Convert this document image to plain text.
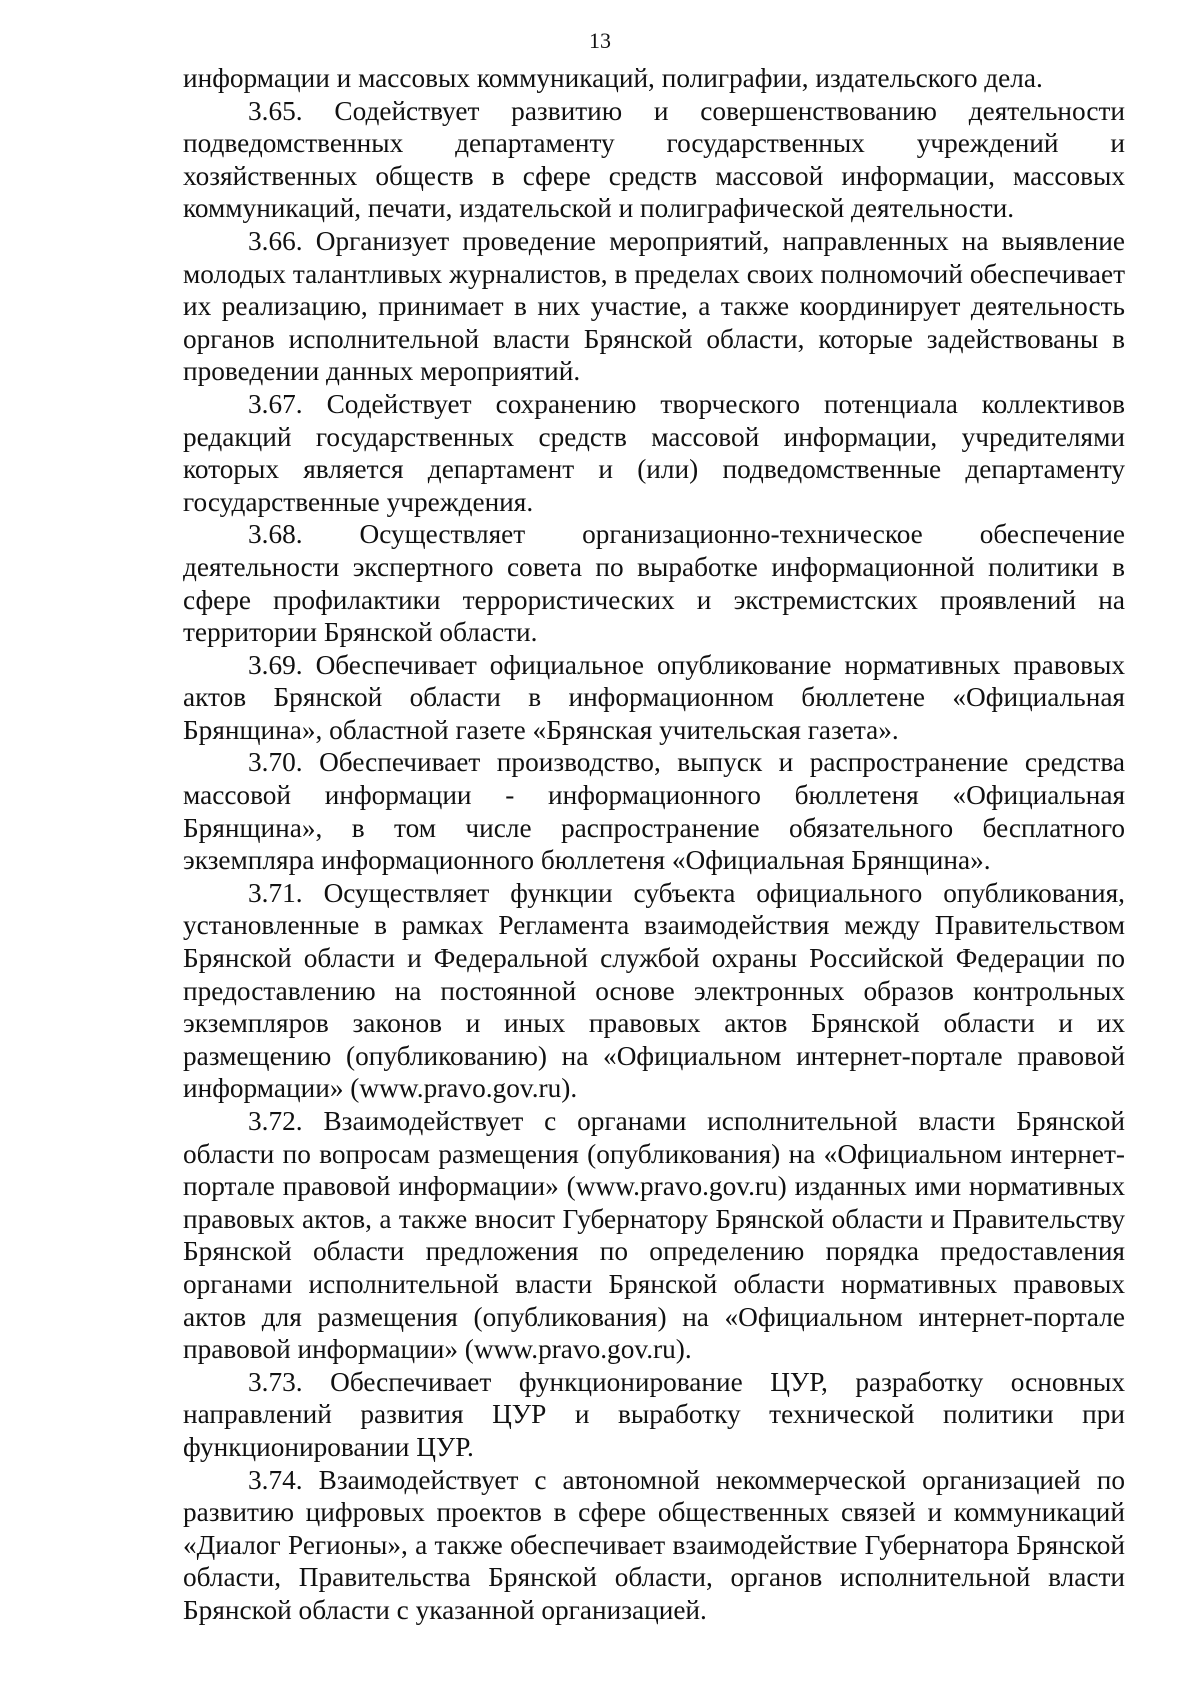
13

информации и массовых коммуникаций, полиграфии, издательского дела.

3.65. Содействует развитию и совершенствованию деятельности подведомственных департаменту государственных учреждений и хозяйственных обществ в сфере средств массовой информации, массовых коммуникаций, печати, издательской и полиграфической деятельности.

3.66. Организует проведение мероприятий, направленных на выявление молодых талантливых журналистов, в пределах своих полномочий обеспечивает их реализацию, принимает в них участие, а также координирует деятельность органов исполнительной власти Брянской области, которые задействованы в проведении данных мероприятий.

3.67. Содействует сохранению творческого потенциала коллективов редакций государственных средств массовой информации, учредителями которых является департамент и (или) подведомственные департаменту государственные учреждения.

3.68. Осуществляет организационно-техническое обеспечение деятельности экспертного совета по выработке информационной политики в сфере профилактики террористических и экстремистских проявлений на территории Брянской области.

3.69. Обеспечивает официальное опубликование нормативных правовых актов Брянской области в информационном бюллетене «Официальная Брянщина», областной газете «Брянская учительская газета».

3.70. Обеспечивает производство, выпуск и распространение средства массовой информации - информационного бюллетеня «Официальная Брянщина», в том числе распространение обязательного бесплатного экземпляра информационного бюллетеня «Официальная Брянщина».

3.71. Осуществляет функции субъекта официального опубликования, установленные в рамках Регламента взаимодействия между Правительством Брянской области и Федеральной службой охраны Российской Федерации по предоставлению на постоянной основе электронных образов контрольных экземпляров законов и иных правовых актов Брянской области и их размещению (опубликованию) на «Официальном интернет-портале правовой информации» (www.pravo.gov.ru).

3.72. Взаимодействует с органами исполнительной власти Брянской области по вопросам размещения (опубликования) на «Официальном интернет-портале правовой информации» (www.pravo.gov.ru) изданных ими нормативных правовых актов, а также вносит Губернатору Брянской области и Правительству Брянской области предложения по определению порядка предоставления органами исполнительной власти Брянской области нормативных правовых актов для размещения (опубликования) на «Официальном интернет-портале правовой информации» (www.pravo.gov.ru).

3.73. Обеспечивает функционирование ЦУР, разработку основных направлений развития ЦУР и выработку технической политики при функционировании ЦУР.

3.74. Взаимодействует с автономной некоммерческой организацией по развитию цифровых проектов в сфере общественных связей и коммуникаций «Диалог Регионы», а также обеспечивает взаимодействие Губернатора Брянской области, Правительства Брянской области, органов исполнительной власти Брянской области с указанной организацией.
